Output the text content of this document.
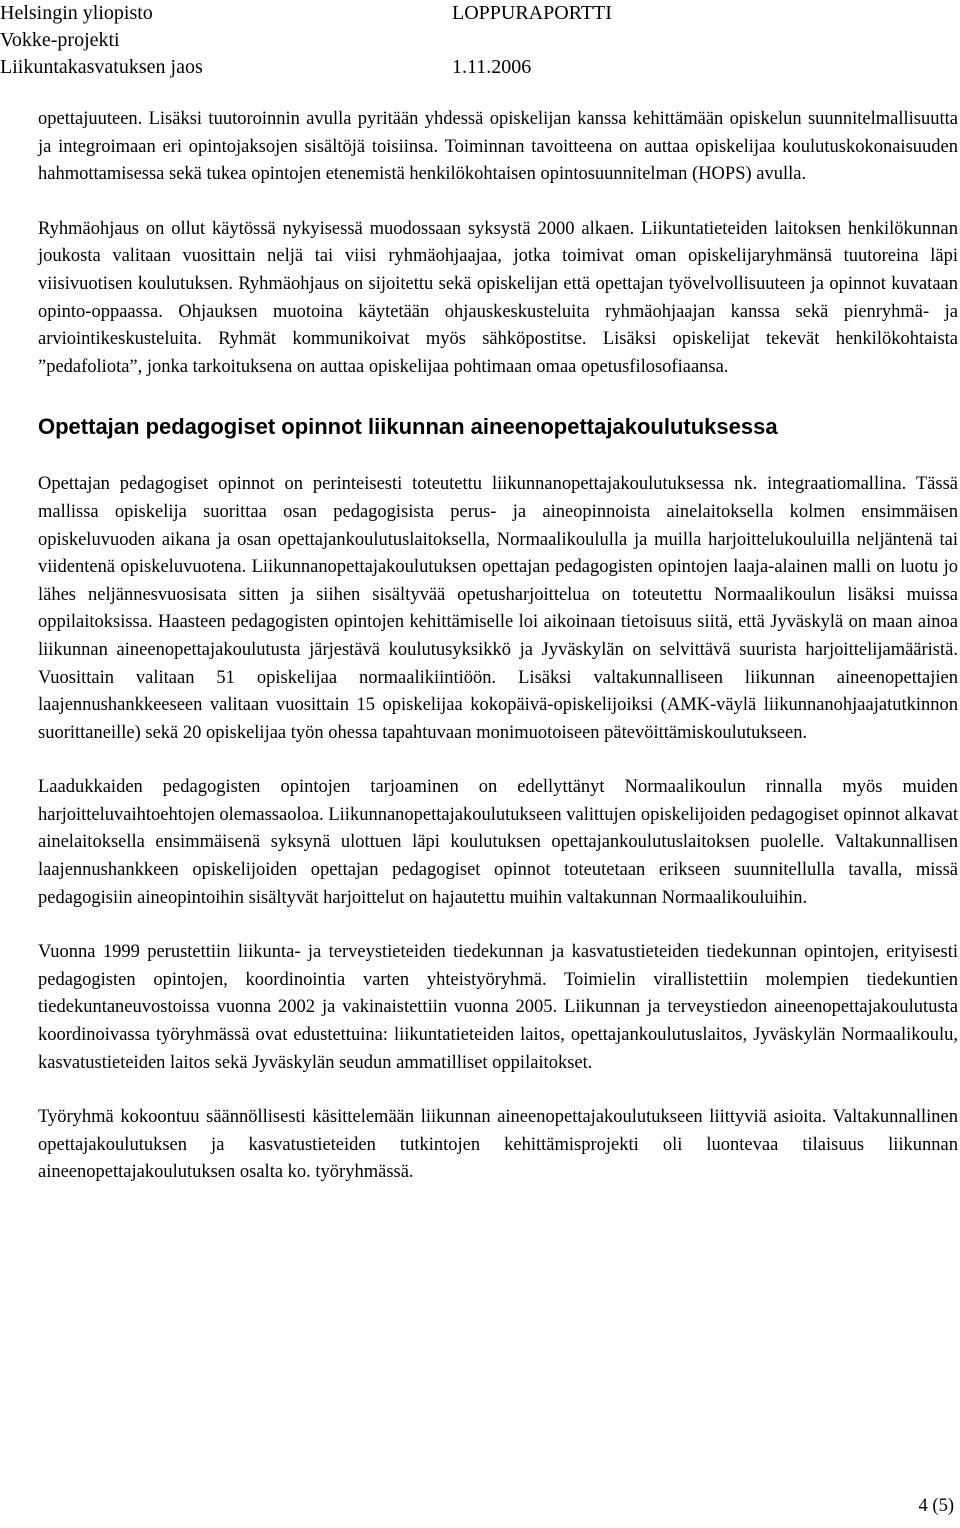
Helsingin yliopisto
Vokke-projekti
Liikuntakasvatuksen jaos
LOPPURAPORTTI

1.11.2006

opettajuuteen. Lisäksi tuutoroinnin avulla pyritään yhdessä opiskelijan kanssa kehittämään opiskelun suunnitelmallisuutta ja integroimaan eri opintojaksojen sisältöjä toisiinsa. Toiminnan tavoitteena on auttaa opiskelijaa koulutuskokonaisuuden hahmottamisessa sekä tukea opintojen etenemistä henkilökohtaisen opintosuunnitelman (HOPS) avulla.

Ryhmäohjaus on ollut käytössä nykyisessä muodossaan syksystä 2000 alkaen. Liikuntatieteiden laitoksen henkilökunnan joukosta valitaan vuosittain neljä tai viisi ryhmäohjaajaa, jotka toimivat oman opiskelijaryhmänsä tuutoreina läpi viisivuotisen koulutuksen. Ryhmäohjaus on sijoitettu sekä opiskelijan että opettajan työvelvollisuuteen ja opinnot kuvataan opinto-oppaassa. Ohjauksen muotoina käytetään ohjauskeskusteluita ryhmäohjaajan kanssa sekä pienryhmä- ja arviointikeskusteluita. Ryhmät kommunikoivat myös sähköpostitse. Lisäksi opiskelijat tekevät henkilökohtaista ”pedafoliota”, jonka tarkoituksena on auttaa opiskelijaa pohtimaan omaa opetusfilosofiaansa.

Opettajan pedagogiset opinnot liikunnan aineenopettajakoulutuksessa

Opettajan pedagogiset opinnot on perinteisesti toteutettu liikunnanopettajakoulutuksessa nk. integraatiomallina. Tässä mallissa opiskelija suorittaa osan pedagogisista perus- ja aineopinnoista ainelaitoksella kolmen ensimmäisen opiskeluvuoden aikana ja osan opettajankoulutuslaitoksella, Normaalikoululla ja muilla harjoittelukouluilla neljäntenä tai viidentenä opiskeluvuotena. Liikunnanopettajakoulutuksen opettajan pedagogisten opintojen laaja-alainen malli on luotu jo lähes neljännesvuosisata sitten ja siihen sisältyvää opetusharjoittelua on toteutettu Normaalikoulun lisäksi muissa oppilaitoksissa. Haasteen pedagogisten opintojen kehittämiselle loi aikoinaan tietoisuus siitä, että Jyväskylä on maan ainoa liikunnan aineenopettajakoulutusta järjestävä koulutusyksikkö ja Jyväskylän on selvittävä suurista harjoittelijamääristä. Vuosittain valitaan 51 opiskelijaa normaalikiintiöön. Lisäksi valtakunnalliseen liikunnan aineenopettajien laajennushankkeeseen valitaan vuosittain 15 opiskelijaa kokopäivä-opiskelijoiksi (AMK-väylä liikunnanohjaajatutkinnon suorittaneille) sekä 20 opiskelijaa työn ohessa tapahtuvaan monimuotoiseen pätevöittämiskoulutukseen.

Laadukkaiden pedagogisten opintojen tarjoaminen on edellyttänyt Normaalikoulun rinnalla myös muiden harjoitteluvaihtoehtojen olemassaoloa. Liikunnanopettajakoulutukseen valittujen opiskelijoiden pedagogiset opinnot alkavat ainelaitoksella ensimmäisenä syksynä ulottuen läpi koulutuksen opettajankoulutuslaitoksen puolelle. Valtakunnallisen laajennushankkeen opiskelijoiden opettajan pedagogiset opinnot toteutetaan erikseen suunnitellulla tavalla, missä pedagogisiin aineopintoihin sisältyvät harjoittelut on hajautettu muihin valtakunnan Normaalikouluihin.

Vuonna 1999 perustettiin liikunta- ja terveystieteiden tiedekunnan ja kasvatustieteiden tiedekunnan opintojen, erityisesti pedagogisten opintojen, koordinointia varten yhteistyöryhmä. Toimielin virallistettiin molempien tiedekuntien tiedekuntaneuvostoissa vuonna 2002 ja vakinaistettiin vuonna 2005. Liikunnan ja terveystiedon aineenopettajakoulutusta koordinoivassa työryhmässä ovat edustettuina: liikuntatieteiden laitos, opettajankoulutuslaitos, Jyväskylän Normaalikoulu, kasvatustieteiden laitos sekä Jyväskylän seudun ammatilliset oppilaitokset.

Työryhmä kokoontuu säännöllisesti käsittelemään liikunnan aineenopettajakoulutukseen liittyviä asioita. Valtakunnallinen opettajakoulutuksen ja kasvatustieteiden tutkintojen kehittämisprojekti oli luontevaa tilaisuus liikunnan aineenopettajakoulutuksen osalta ko. työryhmässä.

4 (5)
